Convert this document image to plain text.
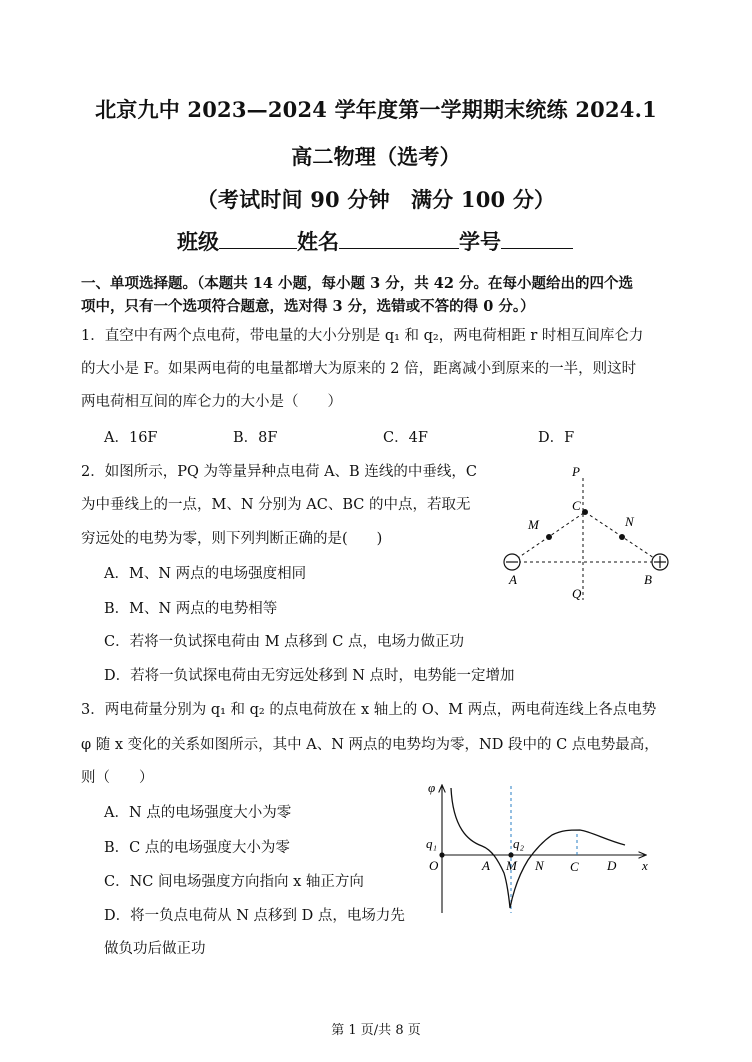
北京九中 2023—2024 学年度第一学期期末统练 2024.1
高二物理（选考）
（考试时间 90 分钟　满分 100 分）
班级	姓名	学号
一、单项选择题。（本题共 14 小题，每小题 3 分，共 42 分。在每小题给出的四个选
项中，只有一个选项符合题意，选对得 3 分，选错或不答的得 0 分。）
1．直空中有两个点电荷，带电量的大小分别是 q₁ 和 q₂，两电荷相距 r 时相互间库仑力
的大小是 F。如果两电荷的电量都增大为原来的 2 倍，距离减小到原来的一半，则这时
两电荷相互间的库仑力的大小是（　　）
A．16F	B．8F	C．4F	D．F
2．如图所示，PQ 为等量异种点电荷 A、B 连线的中垂线，C
为中垂线上的一点，M、N 分别为 AC、BC 的中点，若取无
穷远处的电势为零，则下列判断正确的是(　　)
A．M、N 两点的电场强度相同
B．M、N 两点的电势相等
C．若将一负试探电荷由 M 点移到 C 点，电场力做正功
D．若将一负试探电荷由无穷远处移到 N 点时，电势能一定增加
P
C
M	N
A	B
Q
3．两电荷量分别为 q₁ 和 q₂ 的点电荷放在 x 轴上的 O、M 两点，两电荷连线上各点电势
φ 随 x 变化的关系如图所示，其中 A、N 两点的电势均为零，ND 段中的 C 点电势最高，
则（　　）
A．N 点的电场强度大小为零
B．C 点的电场强度大小为零
C．NC 间电场强度方向指向 x 轴正方向
D．将一负点电荷从 N 点移到 D 点，电场力先
做负功后做正功
φ
q₁	q₂
O	A M N C D x
第 1 页/共 8 页
